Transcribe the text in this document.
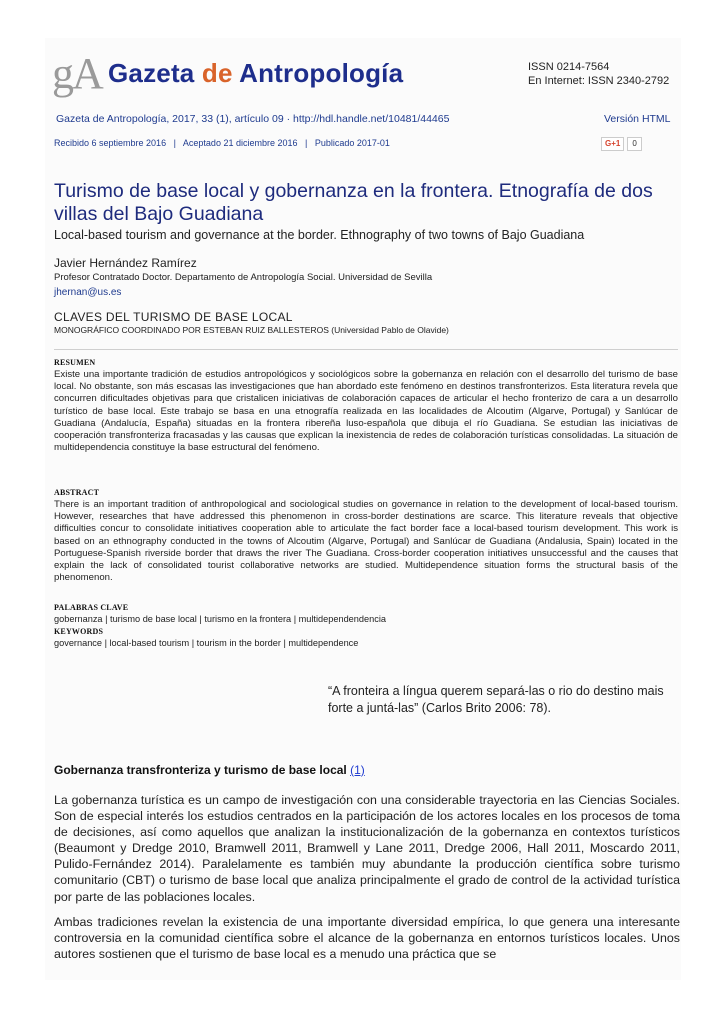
gA Gazeta de Antropología	ISSN 0214-7564
En Internet: ISSN 2340-2792
Gazeta de Antropología, 2017, 33 (1), artículo 09 · http://hdl.handle.net/10481/44465	Versión HTML
Recibido 6 septiembre 2016   |   Aceptado 21 diciembre 2016   |   Publicado 2017-01	G+1	0
Turismo de base local y gobernanza en la frontera. Etnografía de dos villas del Bajo Guadiana
Local-based tourism and governance at the border. Ethnography of two towns of Bajo Guadiana
Javier Hernández Ramírez
Profesor Contratado Doctor. Departamento de Antropología Social. Universidad de Sevilla
jhernan@us.es
CLAVES DEL TURISMO DE BASE LOCAL
MONOGRÁFICO COORDINADO POR ESTEBAN RUIZ BALLESTEROS (Universidad Pablo de Olavide)
RESUMEN
Existe una importante tradición de estudios antropológicos y sociológicos sobre la gobernanza en relación con el desarrollo del turismo de base local. No obstante, son más escasas las investigaciones que han abordado este fenómeno en destinos transfronterizos. Esta literatura revela que concurren dificultades objetivas para que cristalicen iniciativas de colaboración capaces de articular el hecho fronterizo de cara a un desarrollo turístico de base local. Este trabajo se basa en una etnografía realizada en las localidades de Alcoutim (Algarve, Portugal) y Sanlúcar de Guadiana (Andalucía, España) situadas en la frontera ribereña luso-española que dibuja el río Guadiana. Se estudian las iniciativas de cooperación transfronteriza fracasadas y las causas que explican la inexistencia de redes de colaboración turísticas consolidadas. La situación de multidependencia constituye la base estructural del fenómeno.
ABSTRACT
There is an important tradition of anthropological and sociological studies on governance in relation to the development of local-based tourism. However, researches that have addressed this phenomenon in cross-border destinations are scarce. This literature reveals that objective difficulties concur to consolidate initiatives cooperation able to articulate the fact border face a local-based tourism development. This work is based on an ethnography conducted in the towns of Alcoutim (Algarve, Portugal) and Sanlúcar de Guadiana (Andalusia, Spain) located in the Portuguese-Spanish riverside border that draws the river The Guadiana. Cross-border cooperation initiatives unsuccessful and the causes that explain the lack of consolidated tourist collaborative networks are studied. Multidependence situation forms the structural basis of the phenomenon.
PALABRAS CLAVE
gobernanza | turismo de base local | turismo en la frontera | multidependendencia
KEYWORDS
governance | local-based tourism | tourism in the border | multidependence
“A fronteira a língua querem separá-las o rio do destino mais forte a juntá-las” (Carlos Brito 2006: 78).
Gobernanza transfronteriza y turismo de base local (1)
La gobernanza turística es un campo de investigación con una considerable trayectoria en las Ciencias Sociales. Son de especial interés los estudios centrados en la participación de los actores locales en los procesos de toma de decisiones, así como aquellos que analizan la institucionalización de la gobernanza en contextos turísticos (Beaumont y Dredge 2010, Bramwell 2011, Bramwell y Lane 2011, Dredge 2006, Hall 2011, Moscardo 2011, Pulido-Fernández 2014). Paralelamente es también muy abundante la producción científica sobre turismo comunitario (CBT) o turismo de base local que analiza principalmente el grado de control de la actividad turística por parte de las poblaciones locales.
Ambas tradiciones revelan la existencia de una importante diversidad empírica, lo que genera una interesante controversia en la comunidad científica sobre el alcance de la gobernanza en entornos turísticos locales. Unos autores sostienen que el turismo de base local es a menudo una práctica que se
